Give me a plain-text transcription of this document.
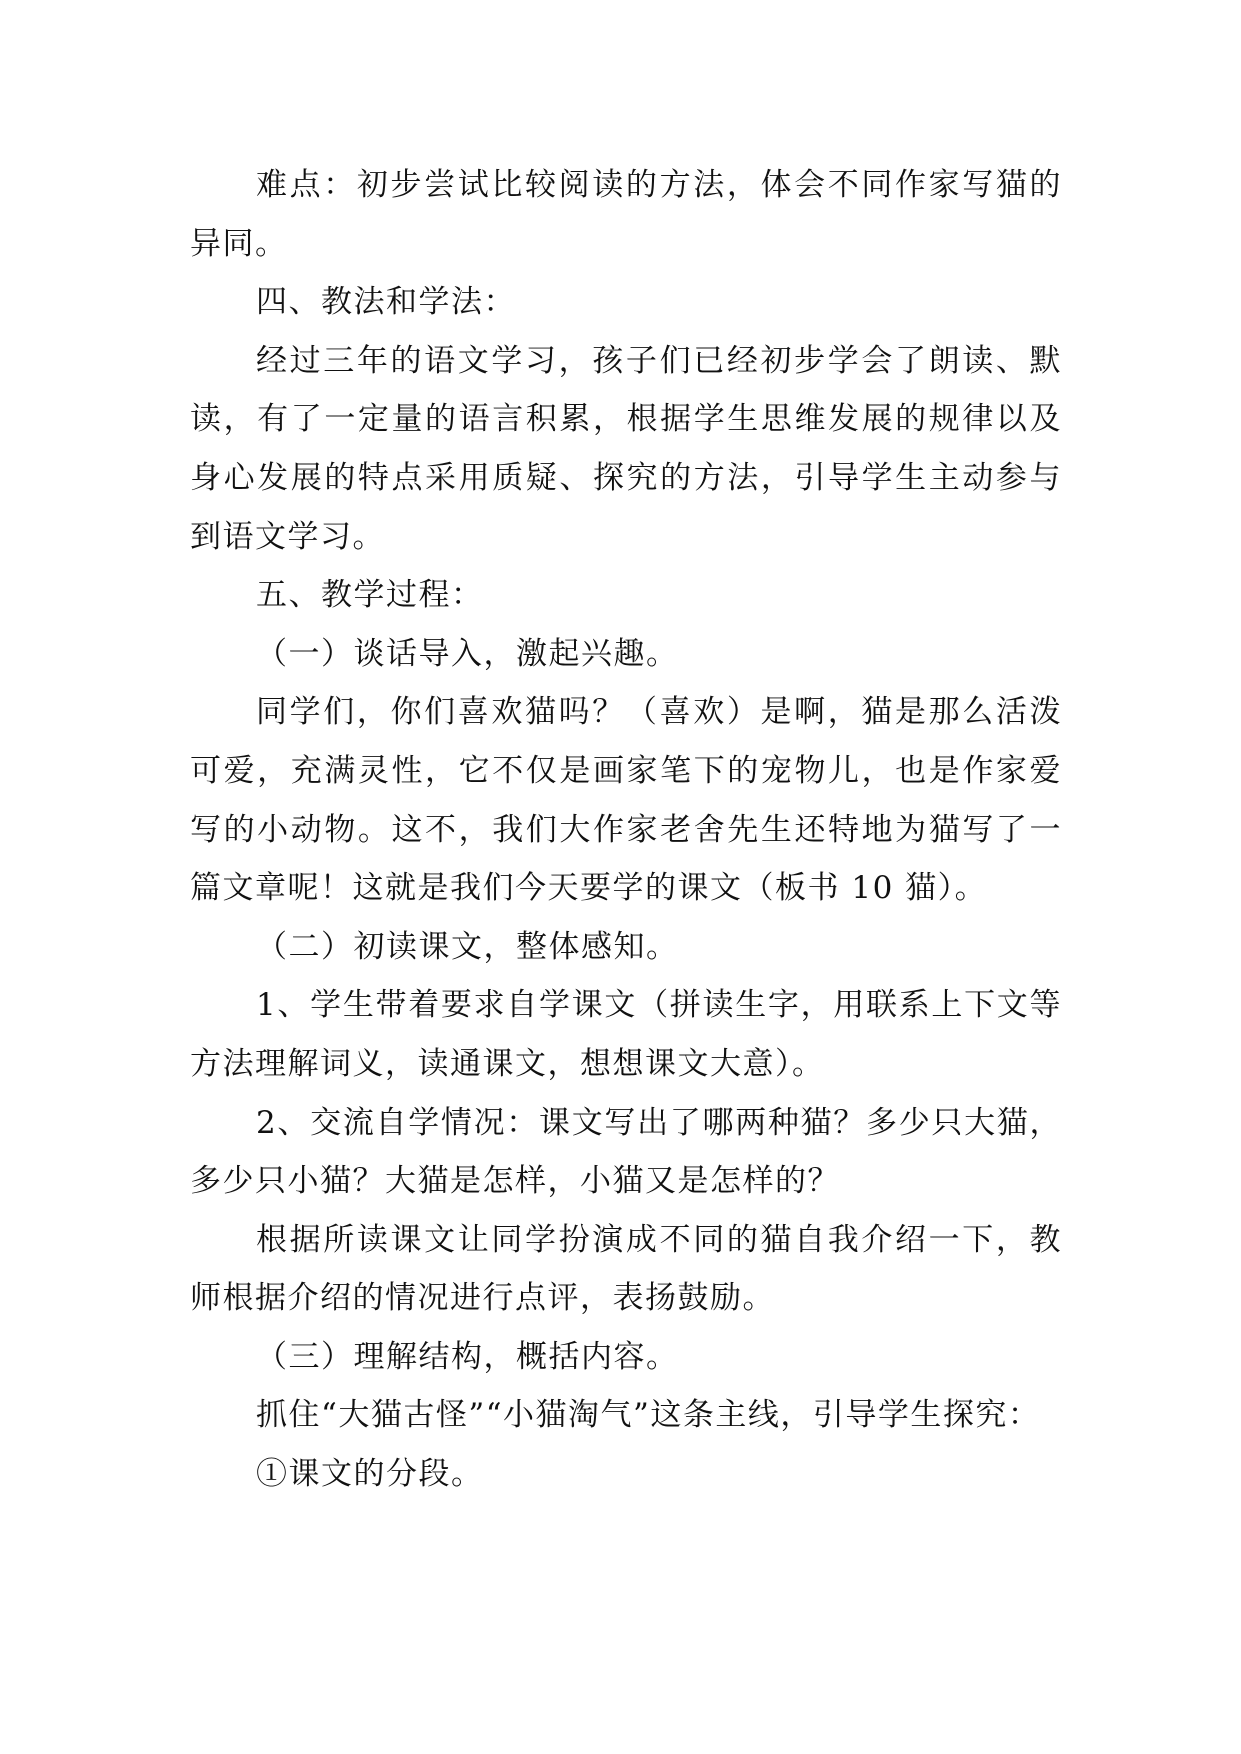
难点：初步尝试比较阅读的方法，体会不同作家写猫的异同。

四、教法和学法：

经过三年的语文学习，孩子们已经初步学会了朗读、默读，有了一定量的语言积累，根据学生思维发展的规律以及身心发展的特点采用质疑、探究的方法，引导学生主动参与到语文学习。

五、教学过程：

（一）谈话导入，激起兴趣。

同学们，你们喜欢猫吗？（喜欢）是啊，猫是那么活泼可爱，充满灵性，它不仅是画家笔下的宠物儿，也是作家爱写的小动物。这不，我们大作家老舍先生还特地为猫写了一篇文章呢！这就是我们今天要学的课文（板书 10 猫）。

（二）初读课文，整体感知。

1、学生带着要求自学课文（拼读生字，用联系上下文等方法理解词义，读通课文，想想课文大意）。

2、交流自学情况：课文写出了哪两种猫？多少只大猫，多少只小猫？大猫是怎样，小猫又是怎样的？

根据所读课文让同学扮演成不同的猫自我介绍一下，教师根据介绍的情况进行点评，表扬鼓励。

（三）理解结构，概括内容。

抓住“大猫古怪”“小猫淘气”这条主线，引导学生探究：

①课文的分段。
